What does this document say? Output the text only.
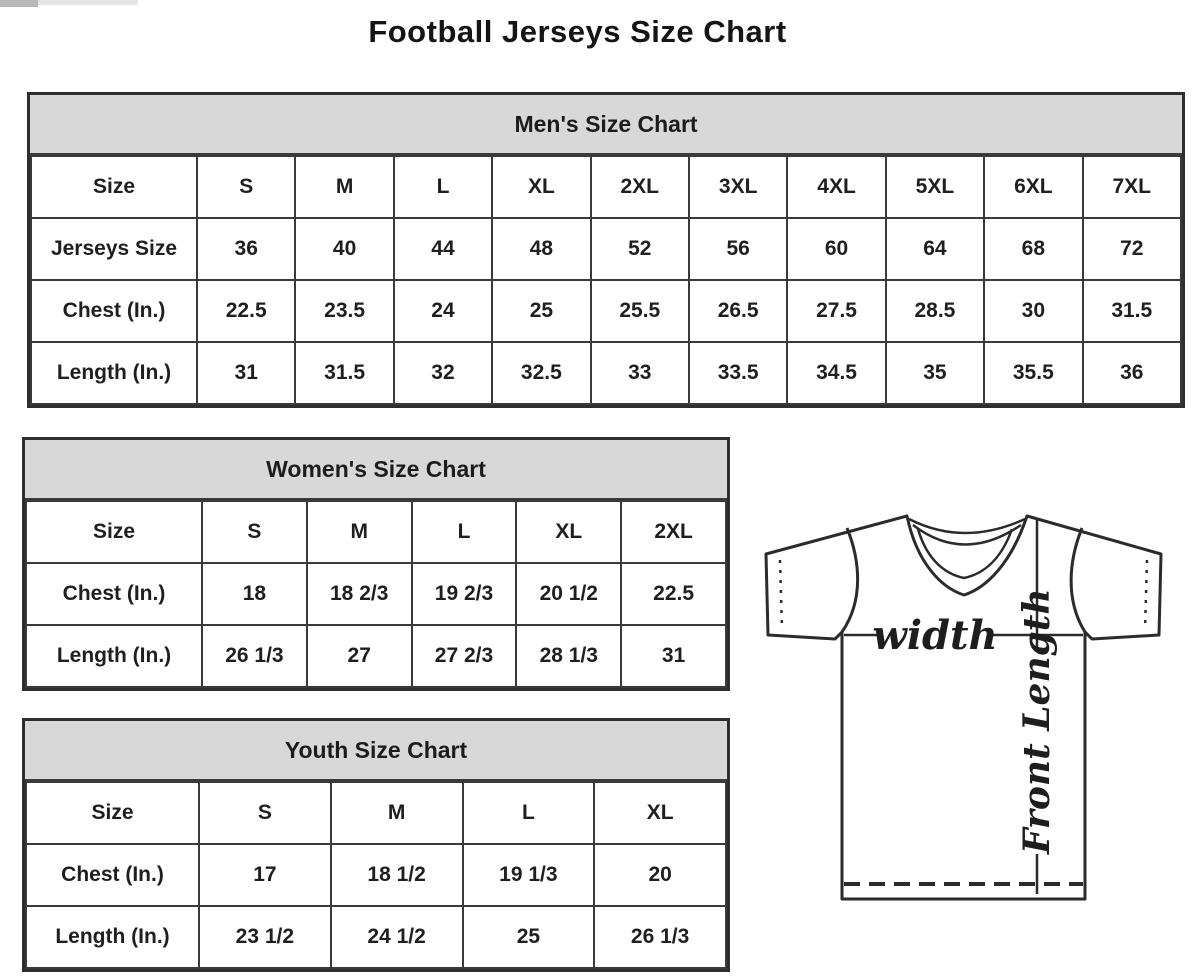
Football Jerseys Size Chart
Men's Size Chart
Size	S	M	L	XL	2XL	3XL	4XL	5XL	6XL	7XL
Jerseys Size	36	40	44	48	52	56	60	64	68	72
Chest (In.)	22.5	23.5	24	25	25.5	26.5	27.5	28.5	30	31.5
Length (In.)	31	31.5	32	32.5	33	33.5	34.5	35	35.5	36
Women's Size Chart
Size	S	M	L	XL	2XL
Chest (In.)	18	18 2/3	19 2/3	20 1/2	22.5
Length (In.)	26 1/3	27	27 2/3	28 1/3	31
Youth Size Chart
Size	S	M	L	XL
Chest (In.)	17	18 1/2	19 1/3	20
Length (In.)	23 1/2	24 1/2	25	26 1/3
width Front Length
